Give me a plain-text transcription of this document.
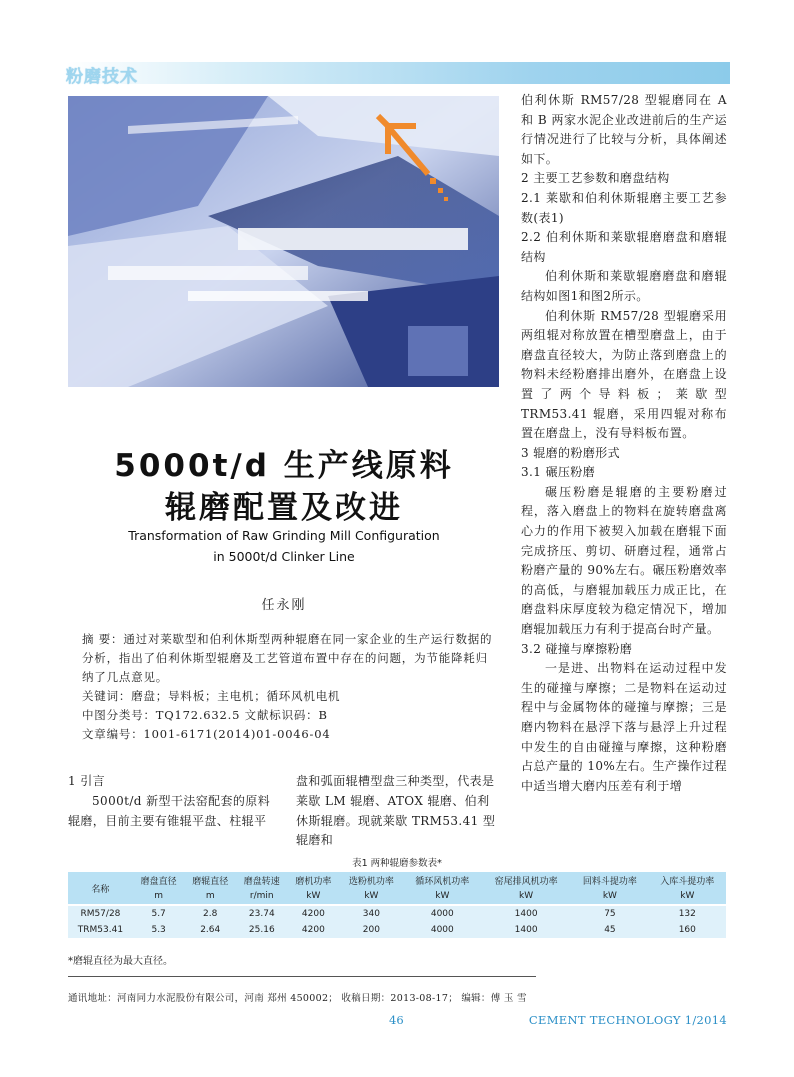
粉磨技术

伯利休斯 RM57/28 型辊磨同在 A 和 B 两家水泥企业改进前后的生产运行情况进行了比较与分析，具体阐述如下。

2 主要工艺参数和磨盘结构

2.1 莱歇和伯利休斯辊磨主要工艺参数(表1)

2.2 伯利休斯和莱歇辊磨磨盘和磨辊结构

伯利休斯和莱歇辊磨磨盘和磨辊结构如图1和图2所示。

伯利休斯 RM57/28 型辊磨采用两组辊对称放置在槽型磨盘上，由于磨盘直径较大，为防止落到磨盘上的物料未经粉磨排出磨外，在磨盘上设置了两个导料板；莱歇型 TRM53.41 辊磨，采用四辊对称布置在磨盘上，没有导料板布置。

3 辊磨的粉磨形式

3.1 碾压粉磨

碾压粉磨是辊磨的主要粉磨过程，落入磨盘上的物料在旋转磨盘离心力的作用下被契入加载在磨辊下面完成挤压、剪切、研磨过程，通常占粉磨产量的 90%左右。碾压粉磨效率的高低，与磨辊加载压力成正比，在磨盘料床厚度较为稳定情况下，增加磨辊加载压力有利于提高台时产量。

3.2 碰撞与摩擦粉磨

一是进、出物料在运动过程中发生的碰撞与摩擦；二是物料在运动过程中与金属物体的碰撞与摩擦；三是磨内物料在悬浮下落与悬浮上升过程中发生的自由碰撞与摩擦，这种粉磨占总产量的 10%左右。生产操作过程中适当增大磨内压差有利于增

5000t/d 生产线原料
辊磨配置及改进
Transformation of Raw Grinding Mill Configuration
in 5000t/d Clinker Line
任永刚

摘 要：通过对莱歇型和伯利休斯型两种辊磨在同一家企业的生产运行数据的分析，指出了伯利休斯型辊磨及工艺管道布置中存在的问题，为节能降耗归纳了几点意见。

关键词：磨盘；导料板；主电机；循环风机电机

中图分类号：TQ172.632.5 文献标识码：B

文章编号：1001-6171(2014)01-0046-04

1 引言

5000t/d 新型干法窑配套的原料辊磨，目前主要有锥辊平盘、柱辊平

盘和弧面辊槽型盘三种类型，代表是莱歇 LM 辊磨、ATOX 辊磨、伯利休斯辊磨。现就莱歇 TRM53.41 型辊磨和

表1 两种辊磨参数表*
名称	磨盘直径	磨辊直径	磨盘转速	磨机功率	选粉机功率	循环风机功率	窑尾排风机功率	回料斗提功率	入库斗提功率
	m	m	r/min	kW	kW	kW	kW	kW	kW
RM57/28	5.7	2.8	23.74	4200	340	4000	1400	75	132
TRM53.41	5.3	2.64	25.16	4200	200	4000	1400	45	160
*磨辊直径为最大直径。
通讯地址：河南同力水泥股份有限公司，河南 郑州 450002； 收稿日期：2013-08-17； 编辑：傅 玉 雪
46	CEMENT TECHNOLOGY 1/2014
